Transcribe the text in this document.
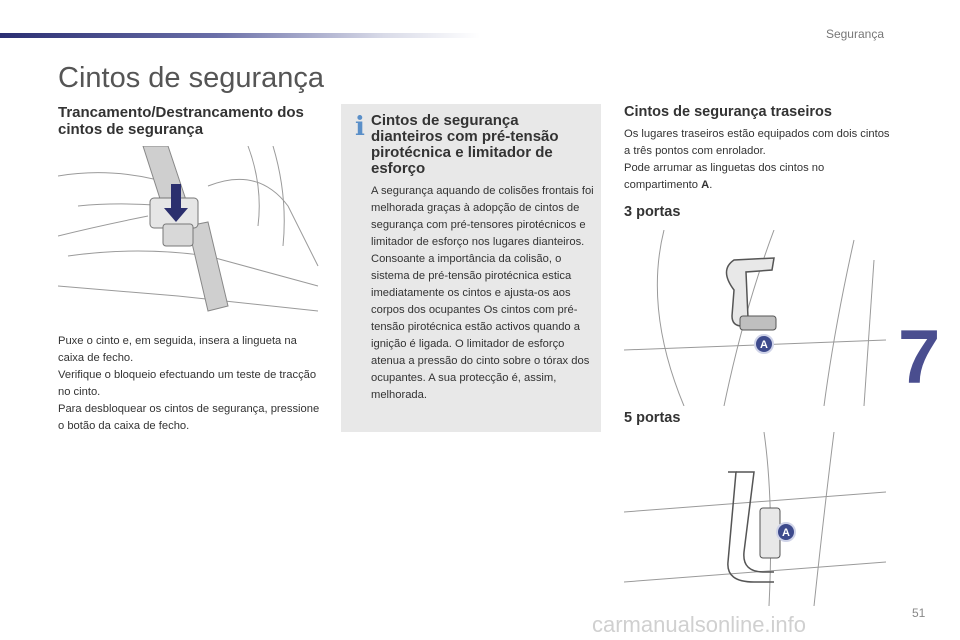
Segurança
Cintos de segurança
Trancamento/Destrancamento dos cintos de segurança

Puxe o cinto e, em seguida, insera a lingueta na caixa de fecho.

Verifique o bloqueio efectuando um teste de tracção no cinto.

Para desbloquear os cintos de segurança, pressione o botão da caixa de fecho.

i Cintos de segurança dianteiros com pré-tensão pirotécnica e limitador de esforço

A segurança aquando de colisões frontais foi melhorada graças à adopção de cintos de segurança com pré-tensores pirotécnicos e limitador de esforço nos lugares dianteiros. Consoante a importância da colisão, o sistema de pré-tensão pirotécnica estica imediatamente os cintos e ajusta-os aos corpos dos ocupantes Os cintos com pré-tensão pirotécnica estão activos quando a ignição é ligada. O limitador de esforço atenua a pressão do cinto sobre o tórax dos ocupantes. A sua protecção é, assim, melhorada.

Cintos de segurança traseiros

Os lugares traseiros estão equipados com dois cintos a três pontos com enrolador.

Pode arrumar as linguetas dos cintos no compartimento A.

3 portas
A
5 portas
A
7
51
carmanualsonline.info
